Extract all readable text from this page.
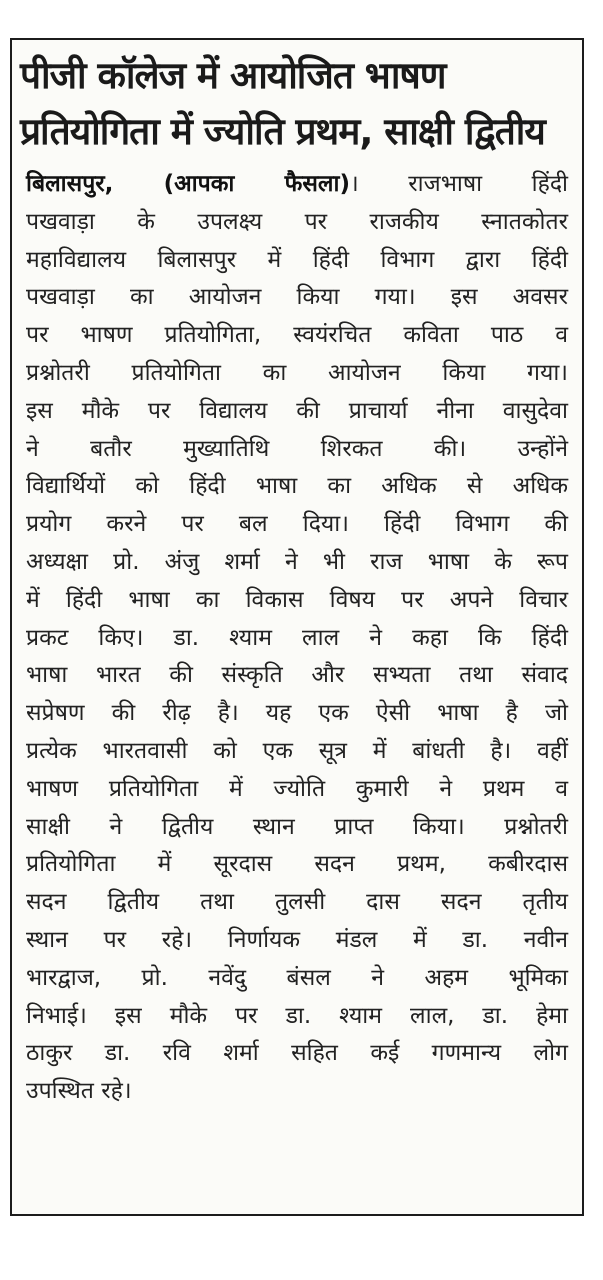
पीजी कॉलेज में आयोजित भाषण
प्रतियोगिता में ज्योति प्रथम, साक्षी द्वितीय
बिलासपुर, (आपका फैसला)। राजभाषा हिंदी
पखवाड़ा के उपलक्ष्य पर राजकीय स्नातकोतर
महाविद्यालय बिलासपुर में हिंदी विभाग द्वारा हिंदी
पखवाड़ा का आयोजन किया गया। इस अवसर
पर भाषण प्रतियोगिता, स्वयंरचित कविता पाठ व
प्रश्नोतरी प्रतियोगिता का आयोजन किया गया।
इस मौके पर विद्यालय की प्राचार्या नीना वासुदेवा
ने बतौर मुख्यातिथि शिरकत की। उन्होंने
विद्यार्थियों को हिंदी भाषा का अधिक से अधिक
प्रयोग करने पर बल दिया। हिंदी विभाग की
अध्यक्षा प्रो. अंजु शर्मा ने भी राज भाषा के रूप
में हिंदी भाषा का विकास विषय पर अपने विचार
प्रकट किए। डा. श्याम लाल ने कहा कि हिंदी
भाषा भारत की संस्कृति और सभ्यता तथा संवाद
सप्रेषण की रीढ़ है। यह एक ऐसी भाषा है जो
प्रत्येक भारतवासी को एक सूत्र में बांधती है। वहीं
भाषण प्रतियोगिता में ज्योति कुमारी ने प्रथम व
साक्षी ने द्वितीय स्थान प्राप्त किया। प्रश्नोतरी
प्रतियोगिता में सूरदास सदन प्रथम, कबीरदास
सदन द्वितीय तथा तुलसी दास सदन तृतीय
स्थान पर रहे। निर्णायक मंडल में डा. नवीन
भारद्वाज, प्रो. नवेंदु बंसल ने अहम भूमिका
निभाई। इस मौके पर डा. श्याम लाल, डा. हेमा
ठाकुर डा. रवि शर्मा सहित कई गणमान्य लोग
उपस्थित रहे।
